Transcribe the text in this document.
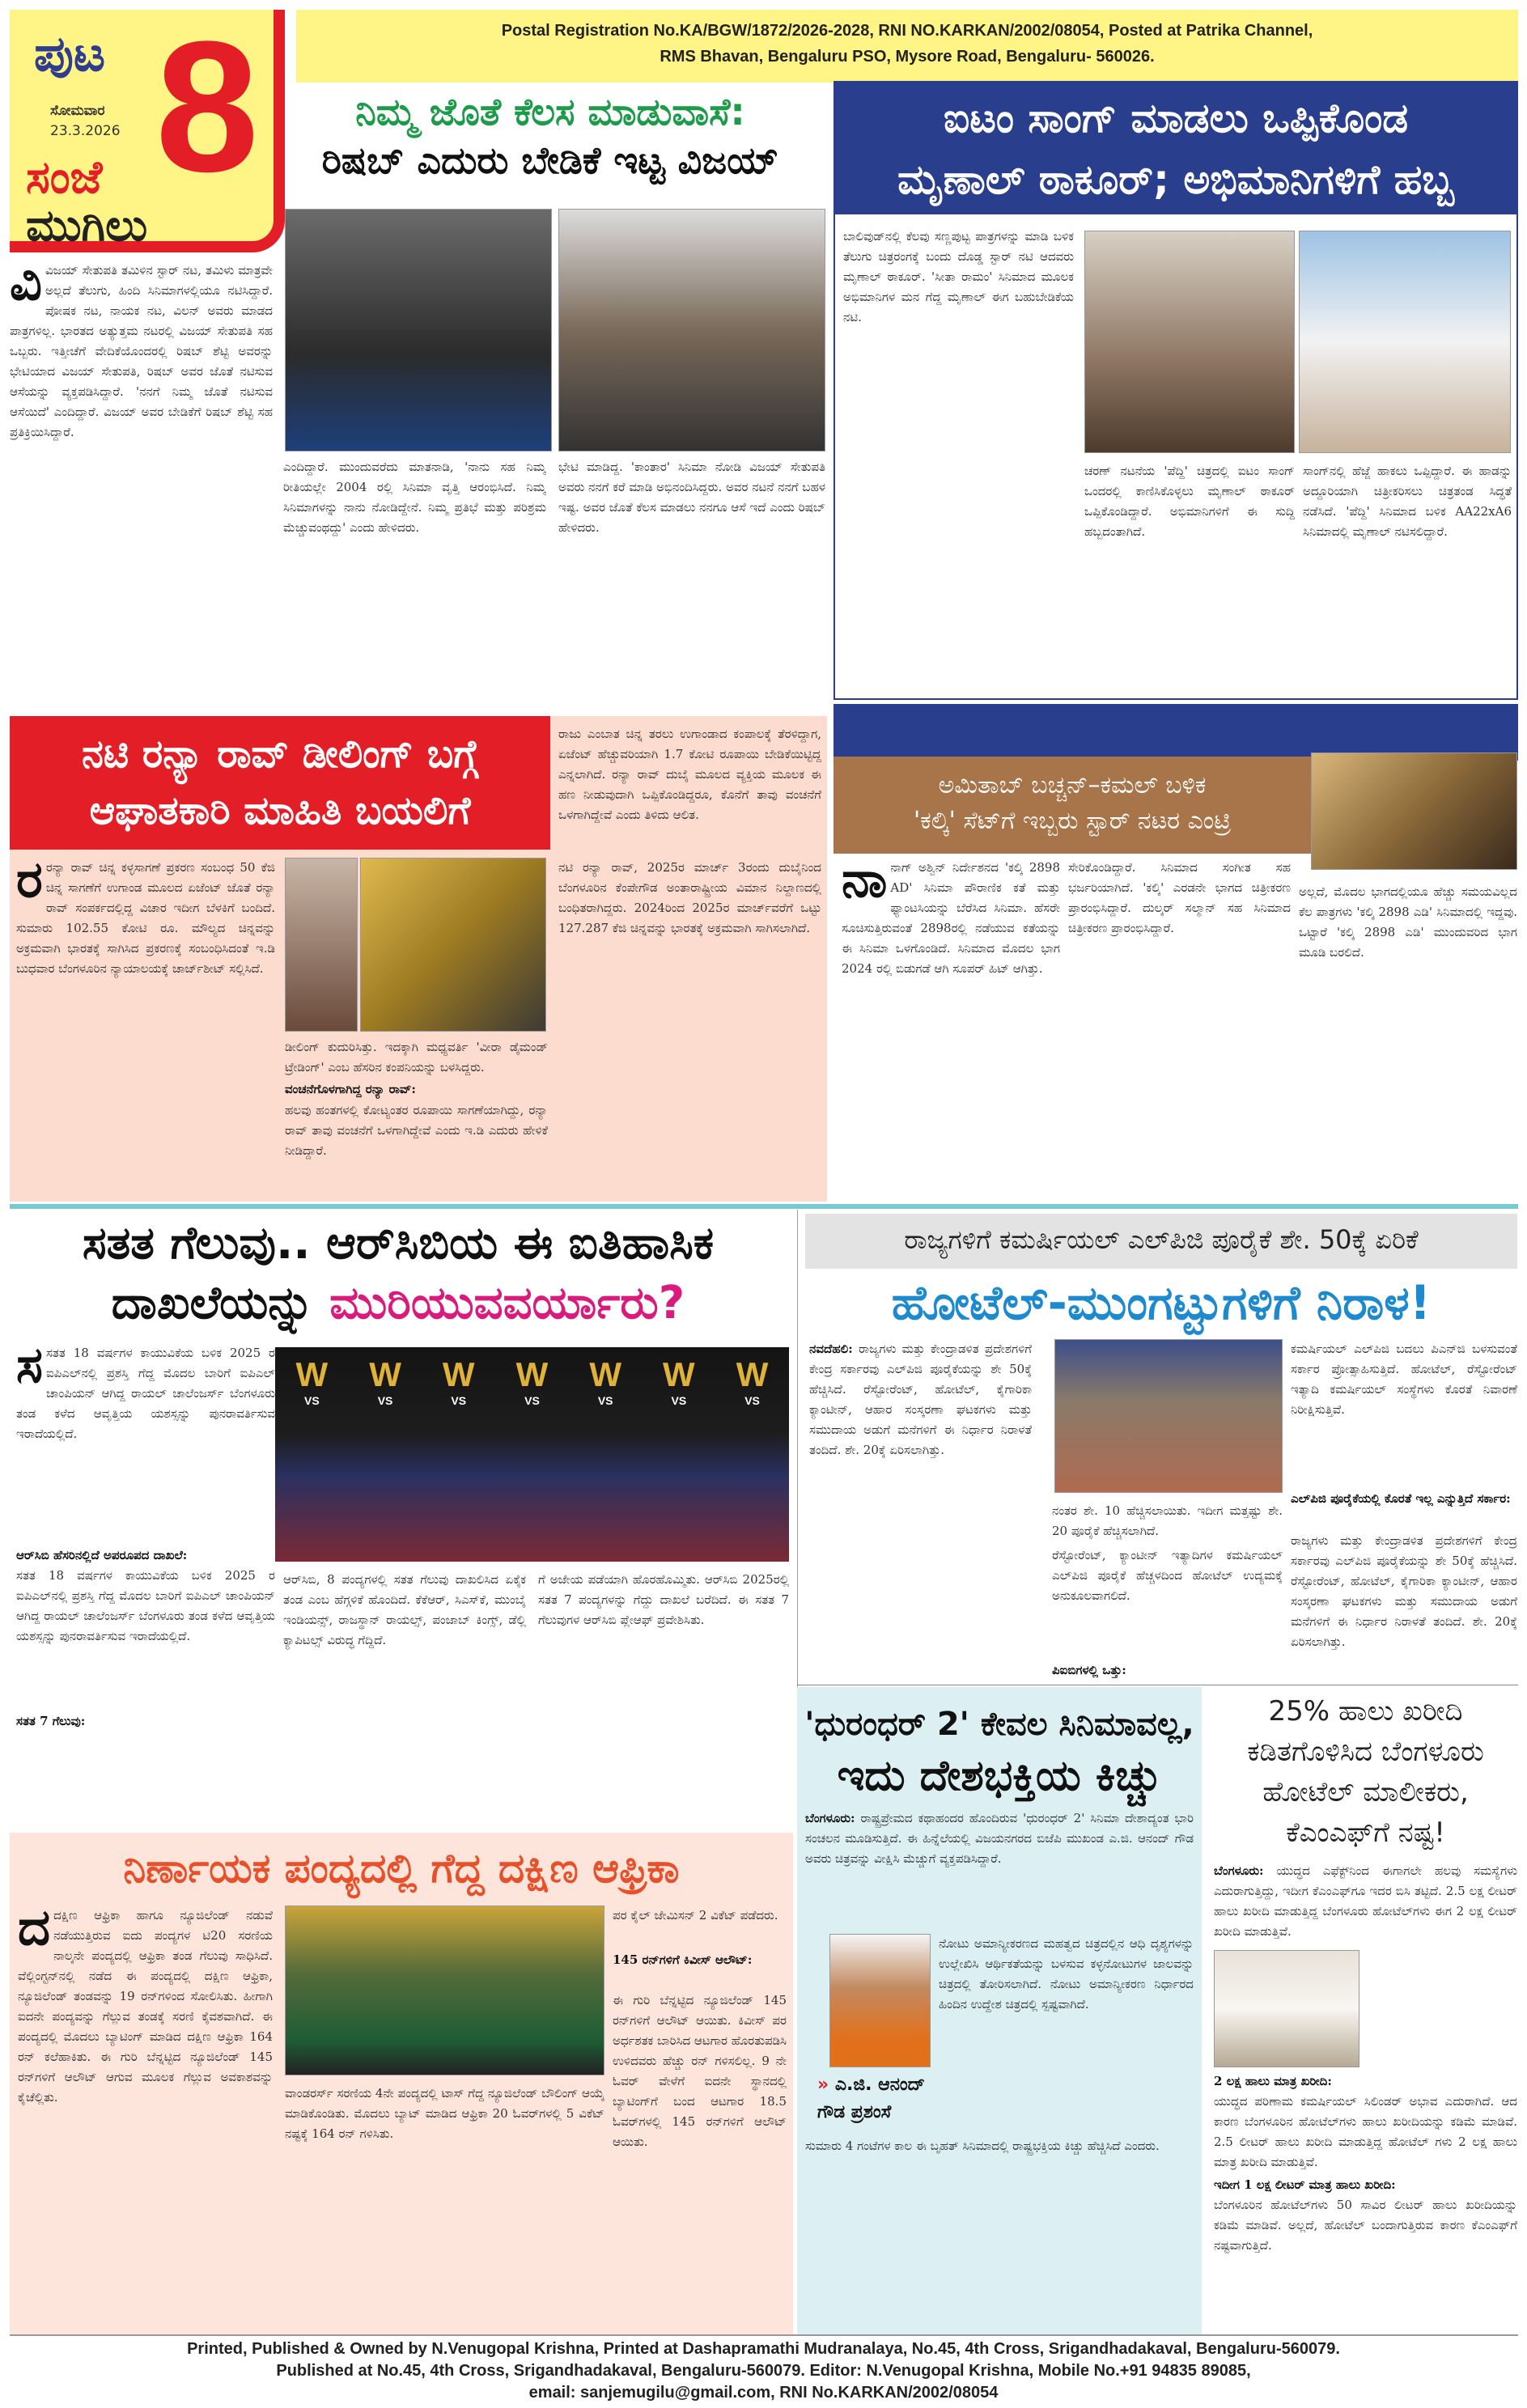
ಪುಟ 8
ಸೋಮವಾರ
23.3.2026
ಸಂಜೆ
ಮುಗಿಲು
Postal Registration No.KA/BGW/1872/2026-2028, RNI NO.KARKAN/2002/08054, Posted at Patrika Channel,
RMS Bhavan, Bengaluru PSO, Mysore Road, Bengaluru- 560026.
ನಿಮ್ಮ ಜೊತೆ ಕೆಲಸ ಮಾಡುವಾಸೆ:
ರಿಷಬ್ ಎದುರು ಬೇಡಿಕೆ ಇಟ್ಟ ವಿಜಯ್
ವಿವಿಜಯ್ ಸೇತುಪತಿ ತಮಿಳಿನ ಸ್ಟಾರ್ ನಟ, ತಮಿಳು ಮಾತ್ರವೇ ಅಲ್ಲದೆ ತೆಲುಗು, ಹಿಂದಿ ಸಿನಿಮಾಗಳಲ್ಲಿಯೂ ನಟಿಸಿದ್ದಾರೆ. ಪೋಷಕ ನಟ, ನಾಯಕ ನಟ, ವಿಲನ್ ಅವರು ಮಾಡದ ಪಾತ್ರಗಳಿಲ್ಲ. ಭಾರತದ ಅತ್ಯುತ್ತಮ ನಟರಲ್ಲಿ ವಿಜಯ್ ಸೇತುಪತಿ ಸಹ ಒಬ್ಬರು. ಇತ್ತೀಚೆಗೆ ವೇದಿಕೆಯೊಂದರಲ್ಲಿ ರಿಷಬ್ ಶೆಟ್ಟಿ ಅವರನ್ನು ಭೇಟಿಯಾದ ವಿಜಯ್ ಸೇತುಪತಿ, ರಿಷಬ್ ಅವರ ಜೊತೆ ನಟಿಸುವ ಆಸೆಯನ್ನು ವ್ಯಕ್ತಪಡಿಸಿದ್ದಾರೆ. 'ನನಗೆ ನಿಮ್ಮ ಜೊತೆ ನಟಿಸುವ ಆಸೆಯಿದೆ' ಎಂದಿದ್ದಾರೆ. ವಿಜಯ್ ಅವರ ಬೇಡಿಕೆಗೆ ರಿಷಬ್ ಶೆಟ್ಟಿ ಸಹ ಪ್ರತಿಕ್ರಿಯಿಸಿದ್ದಾರೆ.
ಎಂದಿದ್ದಾರೆ. ಮುಂದುವರೆದು ಮಾತನಾಡಿ, 'ನಾನು ಸಹ ನಿಮ್ಮ ರೀತಿಯಲ್ಲೇ 2004 ರಲ್ಲಿ ಸಿನಿಮಾ ವೃತ್ತಿ ಆರಂಭಿಸಿದೆ. ನಿಮ್ಮ ಸಿನಿಮಾಗಳನ್ನು ನಾನು ನೋಡಿದ್ದೇನೆ. ನಿಮ್ಮ ಪ್ರತಿಭೆ ಮತ್ತು ಪರಿಶ್ರಮ ಮೆಚ್ಚುವಂಥದ್ದು' ಎಂದು ಹೇಳಿದರು.
ಭೇಟಿ ಮಾಡಿದ್ದ. 'ಕಾಂತಾರ' ಸಿನಿಮಾ ನೋಡಿ ವಿಜಯ್ ಸೇತುಪತಿ ಅವರು ನನಗೆ ಕರೆ ಮಾಡಿ ಅಭಿನಂದಿಸಿದ್ದರು. ಅವರ ನಟನೆ ನನಗೆ ಬಹಳ ಇಷ್ಟ. ಅವರ ಜೊತೆ ಕೆಲಸ ಮಾಡಲು ನನಗೂ ಆಸೆ ಇದೆ ಎಂದು ರಿಷಬ್ ಹೇಳಿದರು.
ಐಟಂ ಸಾಂಗ್ ಮಾಡಲು ಒಪ್ಪಿಕೊಂಡ
ಮೃಣಾಲ್ ಠಾಕೂರ್; ಅಭಿಮಾನಿಗಳಿಗೆ ಹಬ್ಬ
ಬಾಲಿವುಡ್‌ನಲ್ಲಿ ಕೆಲವು ಸಣ್ಣಪುಟ್ಟ ಪಾತ್ರಗಳನ್ನು ಮಾಡಿ ಬಳಿಕ ತೆಲುಗು ಚಿತ್ರರಂಗಕ್ಕೆ ಬಂದು ದೊಡ್ಡ ಸ್ಟಾರ್ ನಟಿ ಆದವರು ಮೃಣಾಲ್ ಠಾಕೂರ್. 'ಸೀತಾ ರಾಮಂ' ಸಿನಿಮಾದ ಮೂಲಕ ಅಭಿಮಾನಿಗಳ ಮನ ಗೆದ್ದ ಮೃಣಾಲ್ ಈಗ ಬಹುಬೇಡಿಕೆಯ ನಟಿ.
ಚರಣ್ ನಟನೆಯ 'ಪೆದ್ದಿ' ಚಿತ್ರದಲ್ಲಿ ಐಟಂ ಸಾಂಗ್ ಒಂದರಲ್ಲಿ ಕಾಣಿಸಿಕೊಳ್ಳಲು ಮೃಣಾಲ್ ಠಾಕೂರ್ ಒಪ್ಪಿಕೊಂಡಿದ್ದಾರೆ. ಅಭಿಮಾನಿಗಳಿಗೆ ಈ ಸುದ್ದಿ ಹಬ್ಬದಂತಾಗಿದೆ.
ಸಾಂಗ್‌ನಲ್ಲಿ ಹೆಜ್ಜೆ ಹಾಕಲು ಒಪ್ಪಿದ್ದಾರೆ. ಈ ಹಾಡನ್ನು ಅದ್ದೂರಿಯಾಗಿ ಚಿತ್ರೀಕರಿಸಲು ಚಿತ್ರತಂಡ ಸಿದ್ಧತೆ ನಡೆಸಿದೆ. 'ಪೆದ್ದಿ' ಸಿನಿಮಾದ ಬಳಿಕ AA22xA6 ಸಿನಿಮಾದಲ್ಲಿ ಮೃಣಾಲ್ ನಟಿಸಲಿದ್ದಾರೆ.
ನಟಿ ರನ್ಯಾ ರಾವ್ ಡೀಲಿಂಗ್ ಬಗ್ಗೆ
ಆಘಾತಕಾರಿ ಮಾಹಿತಿ ಬಯಲಿಗೆ
ರಾಜು ಎಂಬಾತ ಚಿನ್ನ ತರಲು ಉಗಾಂಡಾದ ಕಂಪಾಲಕ್ಕೆ ತೆರಳಿದ್ದಾಗ, ಏಜೆಂಟ್ ಹೆಚ್ಚುವರಿಯಾಗಿ 1.7 ಕೋಟಿ ರೂಪಾಯಿ ಬೇಡಿಕೆಯಿಟ್ಟಿದ್ದ ಎನ್ನಲಾಗಿದೆ. ರನ್ಯಾ ರಾವ್ ದುಬೈ ಮೂಲದ ವ್ಯಕ್ತಿಯ ಮೂಲಕ ಈ ಹಣ ನೀಡುವುದಾಗಿ ಒಪ್ಪಿಕೊಂಡಿದ್ದರೂ, ಕೊನೆಗೆ ತಾವು ವಂಚನೆಗೆ ಒಳಗಾಗಿದ್ದೇವೆ ಎಂದು ತಿಳಿದು ಆಲಿತ.
ರರನ್ಯಾ ರಾವ್ ಚಿನ್ನ ಕಳ್ಳಸಾಗಣೆ ಪ್ರಕರಣ ಸಂಬಂಧ 50 ಕೆಜಿ ಚಿನ್ನ ಸಾಗಣೆಗೆ ಉಗಾಂಡ ಮೂಲದ ಏಜೆಂಟ್ ಜೊತೆ ರನ್ಯಾ ರಾವ್ ಸಂಪರ್ಕದಲ್ಲಿದ್ದ ವಿಚಾರ ಇದೀಗ ಬೆಳಕಿಗೆ ಬಂದಿದೆ. ಸುಮಾರು 102.55 ಕೋಟಿ ರೂ. ಮೌಲ್ಯದ ಚಿನ್ನವನ್ನು ಅಕ್ರಮವಾಗಿ ಭಾರತಕ್ಕೆ ಸಾಗಿಸಿದ ಪ್ರಕರಣಕ್ಕೆ ಸಂಬಂಧಿಸಿದಂತೆ ಇ.ಡಿ ಬುಧವಾರ ಬೆಂಗಳೂರಿನ ನ್ಯಾಯಾಲಯಕ್ಕೆ ಚಾರ್ಜ್‌ಶೀಟ್ ಸಲ್ಲಿಸಿದೆ.
ಡೀಲಿಂಗ್ ಕುದುರಿಸಿತ್ತು. ಇದಕ್ಕಾಗಿ ಮಧ್ಯವರ್ತಿ 'ವೀರಾ ಡೈಮಂಡ್ ಟ್ರೇಡಿಂಗ್' ಎಂಬ ಹೆಸರಿನ ಕಂಪನಿಯನ್ನು ಬಳಸಿದ್ದರು.
ವಂಚನೆಗೊಳಗಾಗಿದ್ದ ರನ್ಯಾ ರಾವ್:
ಹಲವು ಹಂತಗಳಲ್ಲಿ ಕೋಟ್ಯಂತರ ರೂಪಾಯಿ ಸಾಗಣೆಯಾಗಿದ್ದು, ರನ್ಯಾ ರಾವ್ ತಾವು ವಂಚನೆಗೆ ಒಳಗಾಗಿದ್ದೇವೆ ಎಂದು ಇ.ಡಿ ಎದುರು ಹೇಳಿಕೆ ನೀಡಿದ್ದಾರೆ.
ನಟಿ ರನ್ಯಾ ರಾವ್, 2025ರ ಮಾರ್ಚ್ 3ರಂದು ದುಬೈನಿಂದ ಬೆಂಗಳೂರಿನ ಕೆಂಪೇಗೌಡ ಅಂತಾರಾಷ್ಟ್ರೀಯ ವಿಮಾನ ನಿಲ್ದಾಣದಲ್ಲಿ ಬಂಧಿತರಾಗಿದ್ದರು. 2024ರಿಂದ 2025ರ ಮಾರ್ಚ್‌ವರೆಗೆ ಒಟ್ಟು 127.287 ಕೆಜಿ ಚಿನ್ನವನ್ನು ಭಾರತಕ್ಕೆ ಅಕ್ರಮವಾಗಿ ಸಾಗಿಸಲಾಗಿದೆ.
ಅಮಿತಾಬ್ ಬಚ್ಚನ್–ಕಮಲ್ ಬಳಿಕ
'ಕಲ್ಕಿ' ಸೆಟ್‌ಗೆ ಇಬ್ಬರು ಸ್ಟಾರ್ ನಟರ ಎಂಟ್ರಿ
ನಾನಾಗ್ ಅಶ್ವಿನ್ ನಿರ್ದೇಶನದ 'ಕಲ್ಕಿ 2898 AD' ಸಿನಿಮಾ ಪೌರಾಣಿಕ ಕತೆ ಮತ್ತು ಫ್ಯಾಂಟಸಿಯನ್ನು ಬೆರೆಸಿದ ಸಿನಿಮಾ. ಹೆಸರೇ ಸೂಚಿಸುತ್ತಿರುವಂತೆ 2898ರಲ್ಲಿ ನಡೆಯುವ ಕತೆಯನ್ನು ಈ ಸಿನಿಮಾ ಒಳಗೊಂಡಿದೆ. ಸಿನಿಮಾದ ಮೊದಲ ಭಾಗ 2024 ರಲ್ಲಿ ಬಿಡುಗಡೆ ಆಗಿ ಸೂಪರ್ ಹಿಟ್ ಆಗಿತ್ತು.
ಸೇರಿಕೊಂಡಿದ್ದಾರೆ. ಸಿನಿಮಾದ ಸಂಗೀತ ಸಹ ಭರ್ಜರಿಯಾಗಿದೆ. 'ಕಲ್ಕಿ' ಎರಡನೇ ಭಾಗದ ಚಿತ್ರೀಕರಣ ಪ್ರಾರಂಭಿಸಿದ್ದಾರೆ. ದುಲ್ಕರ್ ಸಲ್ಮಾನ್ ಸಹ ಸಿನಿಮಾದ ಚಿತ್ರೀಕರಣ ಪ್ರಾರಂಭಿಸಿದ್ದಾರೆ.
ಅಲ್ಲದೆ, ಮೊದಲ ಭಾಗದಲ್ಲಿಯೂ ಹೆಚ್ಚು ಸಮಯವಿಲ್ಲದ ಕೆಲ ಪಾತ್ರಗಳು 'ಕಲ್ಕಿ 2898 ಎಡಿ' ಸಿನಿಮಾದಲ್ಲಿ ಇದ್ದವು. ಒಟ್ಟಾರೆ 'ಕಲ್ಕಿ 2898 ಎಡಿ' ಮುಂದುವರಿದ ಭಾಗ ಮೂಡಿ ಬರಲಿದೆ.
ಸತತ ಗೆಲುವು.. ಆರ್‌ಸಿಬಿಯ ಈ ಐತಿಹಾಸಿಕ
ದಾಖಲೆಯನ್ನು ಮುರಿಯುವವರ್ಯಾರು?
ಸಸತತ 18 ವರ್ಷಗಳ ಕಾಯುವಿಕೆಯ ಬಳಿಕ 2025 ರ ಐಪಿಎಲ್‌ನಲ್ಲಿ ಪ್ರಶಸ್ತಿ ಗೆದ್ದ ಮೊದಲ ಬಾರಿಗೆ ಐಪಿಎಲ್ ಚಾಂಪಿಯನ್ ಆಗಿದ್ದ ರಾಯಲ್ ಚಾಲೆಂಜರ್ಸ್ ಬೆಂಗಳೂರು ತಂಡ ಕಳೆದ ಆವೃತ್ತಿಯ ಯಶಸ್ಸನ್ನು ಪುನರಾವರ್ತಿಸುವ ಇರಾದೆಯಲ್ಲಿದೆ.
W
VS
W
VS
W
VS
W
VS
W
VS
W
VS
W
VS
ಆರ್‌ಸಿಬಿ ಹೆಸರಿನಲ್ಲಿದೆ ಅಪರೂಪದ ದಾಖಲೆ:
ಸತತ 18 ವರ್ಷಗಳ ಕಾಯುವಿಕೆಯ ಬಳಿಕ 2025 ರ ಐಪಿಎಲ್‌ನಲ್ಲಿ ಪ್ರಶಸ್ತಿ ಗೆದ್ದ ಮೊದಲ ಬಾರಿಗೆ ಐಪಿಎಲ್ ಚಾಂಪಿಯನ್ ಆಗಿದ್ದ ರಾಯಲ್ ಚಾಲೆಂಜರ್ಸ್ ಬೆಂಗಳೂರು ತಂಡ ಕಳೆದ ಆವೃತ್ತಿಯ ಯಶಸ್ಸನ್ನು ಪುನರಾವರ್ತಿಸುವ ಇರಾದೆಯಲ್ಲಿದೆ.
ಸತತ 7 ಗೆಲುವು:
ಆರ್‌ಸಿಬಿ, 8 ಪಂದ್ಯಗಳಲ್ಲಿ ಸತತ ಗೆಲುವು ದಾಖಲಿಸಿದ ಏಕೈಕ ತಂಡ ಎಂಬ ಹೆಗ್ಗಳಿಕೆ ಹೊಂದಿದೆ. ಕೆಕೆಆರ್, ಸಿಎಸ್‌ಕೆ, ಮುಂಬೈ ಇಂಡಿಯನ್ಸ್, ರಾಜಸ್ಥಾನ್ ರಾಯಲ್ಸ್, ಪಂಜಾಬ್ ಕಿಂಗ್ಸ್, ಡೆಲ್ಲಿ ಕ್ಯಾಪಿಟಲ್ಸ್ ವಿರುದ್ಧ ಗೆದ್ದಿದೆ.
ಗೆ ಅಜೇಯ ಪಡೆಯಾಗಿ ಹೊರಹೊಮ್ಮಿತು. ಆರ್‌ಸಿಬಿ 2025ರಲ್ಲಿ ಸತತ 7 ಪಂದ್ಯಗಳನ್ನು ಗೆದ್ದು ದಾಖಲೆ ಬರೆದಿದೆ. ಈ ಸತತ 7 ಗೆಲುವುಗಳ ಆರ್‌ಸಿಬಿ ಪ್ಲೇಆಫ್ ಪ್ರವೇಶಿಸಿತು.
ರಾಜ್ಯಗಳಿಗೆ ಕಮರ್ಷಿಯಲ್ ಎಲ್‌ಪಿಜಿ ಪೂರೈಕೆ ಶೇ. 50ಕ್ಕೆ ಏರಿಕೆ
ಹೋಟೆಲ್-ಮುಂಗಟ್ಟುಗಳಿಗೆ ನಿರಾಳ!
ನವದೆಹಲಿ: ರಾಜ್ಯಗಳು ಮತ್ತು ಕೇಂದ್ರಾಡಳಿತ ಪ್ರದೇಶಗಳಿಗೆ ಕೇಂದ್ರ ಸರ್ಕಾರವು ಎಲ್‌ಪಿಜಿ ಪೂರೈಕೆಯನ್ನು ಶೇ 50ಕ್ಕೆ ಹೆಚ್ಚಿಸಿದೆ. ರೆಸ್ಟೋರೆಂಟ್, ಹೋಟೆಲ್, ಕೈಗಾರಿಕಾ ಕ್ಯಾಂಟೀನ್, ಆಹಾರ ಸಂಸ್ಕರಣಾ ಘಟಕಗಳು ಮತ್ತು ಸಮುದಾಯ ಅಡುಗೆ ಮನೆಗಳಿಗೆ ಈ ನಿರ್ಧಾರ ನಿರಾಳತೆ ತಂದಿದೆ. ಶೇ. 20ಕ್ಕೆ ಏರಿಸಲಾಗಿತ್ತು.
ನಂತರ ಶೇ. 10 ಹೆಚ್ಚಿಸಲಾಯಿತು. ಇದೀಗ ಮತ್ತಷ್ಟು ಶೇ. 20 ಪೂರೈಕೆ ಹೆಚ್ಚಿಸಲಾಗಿದೆ.
ರೆಸ್ಟೋರೆಂಟ್, ಕ್ಯಾಂಟೀನ್ ಇತ್ಯಾದಿಗಳ ಕಮರ್ಷಿಯಲ್ ಎಲ್‌ಪಿಜಿ ಪೂರೈಕೆ ಹೆಚ್ಚಳದಿಂದ ಹೋಟೆಲ್ ಉದ್ಯಮಕ್ಕೆ ಅನುಕೂಲವಾಗಲಿದೆ.
ಪಿಐಬಿಗಳಲ್ಲಿ ಒತ್ತು:
ಕಮರ್ಷಿಯಲ್ ಎಲ್‌ಪಿಜಿ ಬದಲು ಪಿಎನ್‌ಜಿ ಬಳಸುವಂತೆ ಸರ್ಕಾರ ಪ್ರೋತ್ಸಾಹಿಸುತ್ತಿದೆ. ಹೋಟೆಲ್, ರೆಸ್ಟೋರೆಂಟ್ ಇತ್ಯಾದಿ ಕಮರ್ಷಿಯಲ್ ಸಂಸ್ಥೆಗಳು ಕೊರತೆ ನಿವಾರಣೆ ನಿರೀಕ್ಷಿಸುತ್ತಿವೆ.
ಎಲ್‌ಪಿಜಿ ಪೂರೈಕೆಯಲ್ಲಿ ಕೊರತೆ ಇಲ್ಲ ಎನ್ನುತ್ತಿದೆ ಸರ್ಕಾರ:
ರಾಜ್ಯಗಳು ಮತ್ತು ಕೇಂದ್ರಾಡಳಿತ ಪ್ರದೇಶಗಳಿಗೆ ಕೇಂದ್ರ ಸರ್ಕಾರವು ಎಲ್‌ಪಿಜಿ ಪೂರೈಕೆಯನ್ನು ಶೇ 50ಕ್ಕೆ ಹೆಚ್ಚಿಸಿದೆ. ರೆಸ್ಟೋರೆಂಟ್, ಹೋಟೆಲ್, ಕೈಗಾರಿಕಾ ಕ್ಯಾಂಟೀನ್, ಆಹಾರ ಸಂಸ್ಕರಣಾ ಘಟಕಗಳು ಮತ್ತು ಸಮುದಾಯ ಅಡುಗೆ ಮನೆಗಳಿಗೆ ಈ ನಿರ್ಧಾರ ನಿರಾಳತೆ ತಂದಿದೆ. ಶೇ. 20ಕ್ಕೆ ಏರಿಸಲಾಗಿತ್ತು.
'ಧುರಂಧರ್ 2' ಕೇವಲ ಸಿನಿಮಾವಲ್ಲ,
ಇದು ದೇಶಭಕ್ತಿಯ ಕಿಚ್ಚು
ಬೆಂಗಳೂರು: ರಾಷ್ಟ್ರಪ್ರೇಮದ ಕಥಾಹಂದರ ಹೊಂದಿರುವ 'ಧುರಂಧರ್ 2' ಸಿನಿಮಾ ದೇಶಾದ್ಯಂತ ಭಾರಿ ಸಂಚಲನ ಮೂಡಿಸುತ್ತಿದೆ. ಈ ಹಿನ್ನೆಲೆಯಲ್ಲಿ ವಿಜಯನಗರದ ಬಿಜೆಪಿ ಮುಖಂಡ ಎ.ಜಿ. ಆನಂದ್ ಗೌಡ ಅವರು ಚಿತ್ರವನ್ನು ವೀಕ್ಷಿಸಿ ಮೆಚ್ಚುಗೆ ವ್ಯಕ್ತಪಡಿಸಿದ್ದಾರೆ.
» ಎ.ಜಿ. ಆನಂದ್ ಗೌಡ ಪ್ರಶಂಸೆ
ನೋಟು ಅಮಾನ್ಯೀಕರಣದ ಮಹತ್ವದ ಚಿತ್ರದಲ್ಲಿನ ಆಧಿ ದೃಶ್ಯಗಳನ್ನು ಉಲ್ಲೇಖಿಸಿ ಆರ್ಥಿಕತೆಯನ್ನು ಬಳಸುವ ಕಳ್ಳನೋಟುಗಳ ಜಾಲವನ್ನು ಚಿತ್ರದಲ್ಲಿ ತೋರಿಸಲಾಗಿದೆ. ನೋಟು ಅಮಾನ್ಯೀಕರಣ ನಿರ್ಧಾರದ ಹಿಂದಿನ ಉದ್ದೇಶ ಚಿತ್ರದಲ್ಲಿ ಸ್ಪಷ್ಟವಾಗಿದೆ.
ಸುಮಾರು 4 ಗಂಟೆಗಳ ಕಾಲ ಈ ಬೃಹತ್ ಸಿನಿಮಾದಲ್ಲಿ ರಾಷ್ಟ್ರಭಕ್ತಿಯ ಕಿಚ್ಚು ಹೆಚ್ಚಿಸಿದೆ ಎಂದರು.
25% ಹಾಲು ಖರೀದಿ ಕಡಿತಗೊಳಿಸಿದ ಬೆಂಗಳೂರು ಹೋಟೆಲ್ ಮಾಲೀಕರು, ಕೆಎಂಎಫ್‌ಗೆ ನಷ್ಟ!
ಬೆಂಗಳೂರು: ಯುದ್ಧದ ಎಫೆಕ್ಟ್‌ನಿಂದ ಈಗಾಗಲೇ ಹಲವು ಸಮಸ್ಯೆಗಳು ಎದುರಾಗುತ್ತಿದ್ದು, ಇದೀಗ ಕೆಎಂಎಫ್‌ಗೂ ಇದರ ಬಿಸಿ ತಟ್ಟಿದೆ. 2.5 ಲಕ್ಷ ಲೀಟರ್ ಹಾಲು ಖರೀದಿ ಮಾಡುತ್ತಿದ್ದ ಬೆಂಗಳೂರು ಹೋಟೆಲ್‌ಗಳು ಈಗ 2 ಲಕ್ಷ ಲೀಟರ್ ಖರೀದಿ ಮಾಡುತ್ತಿವೆ.
2 ಲಕ್ಷ ಹಾಲು ಮಾತ್ರ ಖರೀದಿ:
ಯುದ್ಧದ ಪರಿಣಾಮ ಕಮರ್ಷಿಯಲ್ ಸಿಲಿಂಡರ್ ಅಭಾವ ಎದುರಾಗಿದೆ. ಆದ ಕಾರಣ ಬೆಂಗಳೂರಿನ ಹೋಟೆಲ್‌ಗಳು ಹಾಲು ಖರೀದಿಯನ್ನು ಕಡಿಮೆ ಮಾಡಿವೆ. 2.5 ಲೀಟರ್ ಹಾಲು ಖರೀದಿ ಮಾಡುತ್ತಿದ್ದ ಹೋಟೆಲ್ ಗಳು 2 ಲಕ್ಷ ಹಾಲು ಮಾತ್ರ ಖರೀದಿ ಮಾಡುತ್ತಿವೆ.
ಇದೀಗ 1 ಲಕ್ಷ ಲೀಟರ್ ಮಾತ್ರ ಹಾಲು ಖರೀದಿ:
ಬೆಂಗಳೂರಿನ ಹೋಟೆಲ್‌ಗಳು 50 ಸಾವಿರ ಲೀಟರ್ ಹಾಲು ಖರೀದಿಯನ್ನು ಕಡಿಮೆ ಮಾಡಿವೆ. ಅಲ್ಲದೆ, ಹೋಟೆಲ್ ಬಂದಾಗುತ್ತಿರುವ ಕಾರಣ ಕೆಎಂಎಫ್‌ಗೆ ನಷ್ಟವಾಗುತ್ತಿದೆ.
ನಿರ್ಣಾಯಕ ಪಂದ್ಯದಲ್ಲಿ ಗೆದ್ದ ದಕ್ಷಿಣ ಆಫ್ರಿಕಾ
ದದಕ್ಷಿಣ ಆಫ್ರಿಕಾ ಹಾಗೂ ನ್ಯೂಜಿಲೆಂಡ್ ನಡುವೆ ನಡೆಯುತ್ತಿರುವ ಐದು ಪಂದ್ಯಗಳ ಟಿ20 ಸರಣಿಯ ನಾಲ್ಕನೇ ಪಂದ್ಯದಲ್ಲಿ ಆಫ್ರಿಕಾ ತಂಡ ಗೆಲುವು ಸಾಧಿಸಿದೆ. ವೆಲ್ಲಿಂಗ್ಟನ್‌ನಲ್ಲಿ ನಡೆದ ಈ ಪಂದ್ಯದಲ್ಲಿ ದಕ್ಷಿಣ ಆಫ್ರಿಕಾ, ನ್ಯೂಜಿಲೆಂಡ್ ತಂಡವನ್ನು 19 ರನ್‌ಗಳಿಂದ ಸೋಲಿಸಿತು. ಹೀಗಾಗಿ ಐದನೇ ಪಂದ್ಯವನ್ನು ಗೆಲ್ಲುವ ತಂಡಕ್ಕೆ ಸರಣಿ ಕೈವಶವಾಗಿದೆ. ಈ ಪಂದ್ಯದಲ್ಲಿ ಮೊದಲು ಬ್ಯಾಟಿಂಗ್ ಮಾಡಿದ ದಕ್ಷಿಣ ಆಫ್ರಿಕಾ 164 ರನ್ ಕಲೆಹಾಕಿತು. ಈ ಗುರಿ ಬೆನ್ನಟ್ಟಿದ ನ್ಯೂಜಿಲೆಂಡ್ 145 ರನ್‌ಗಳಿಗೆ ಆಲೌಟ್ ಆಗುವ ಮೂಲಕ ಗೆಲ್ಲುವ ಅವಕಾಶವನ್ನು ಕೈಚೆಲ್ಲಿತು.	ವಾಂಡರರ್ಸ್ ಸರಣಿಯ 4ನೇ ಪಂದ್ಯದಲ್ಲಿ ಟಾಸ್ ಗೆದ್ದ ನ್ಯೂಜಿಲೆಂಡ್ ಬೌಲಿಂಗ್ ಆಯ್ಕೆ ಮಾಡಿಕೊಂಡಿತು. ಮೊದಲು ಬ್ಯಾಟ್ ಮಾಡಿದ ಆಫ್ರಿಕಾ 20 ಓವರ್‌ಗಳಲ್ಲಿ 5 ವಿಕೆಟ್ ನಷ್ಟಕ್ಕೆ 164 ರನ್ ಗಳಿಸಿತು.
ಪರ ಕೈಲ್ ಜೇಮಿಸನ್ 2 ವಿಕೆಟ್ ಪಡೆದರು.
145 ರನ್‌ಗಳಿಗೆ ಕಿವೀಸ್ ಆಲೌಟ್:
ಈ ಗುರಿ ಬೆನ್ನಟ್ಟಿದ ನ್ಯೂಜಿಲೆಂಡ್ 145 ರನ್‌ಗಳಿಗೆ ಆಲೌಟ್ ಆಯಿತು. ಕಿವೀಸ್ ಪರ ಅರ್ಧಶತಕ ಬಾರಿಸಿದ ಆಟಗಾರ ಹೊರತುಪಡಿಸಿ ಉಳಿದವರು ಹೆಚ್ಚು ರನ್ ಗಳಿಸಲಿಲ್ಲ. 9 ನೇ ಓವರ್ ವೇಳೆಗೆ ಐದನೇ ಸ್ಥಾನದಲ್ಲಿ ಬ್ಯಾಟಿಂಗ್‌ಗೆ ಬಂದ ಆಟಗಾರ 18.5 ಓವರ್‌ಗಳಲ್ಲಿ 145 ರನ್‌ಗಳಿಗೆ ಆಲೌಟ್ ಆಯಿತು.
Printed, Published & Owned by N.Venugopal Krishna, Printed at Dashapramathi Mudranalaya, No.45, 4th Cross, Srigandhadakaval, Bengaluru-560079.
Published at No.45, 4th Cross, Srigandhadakaval, Bengaluru-560079. Editor: N.Venugopal Krishna, Mobile No.+91 94835 89085,
email: sanjemugilu@gmail.com, RNI No.KARKAN/2002/08054
